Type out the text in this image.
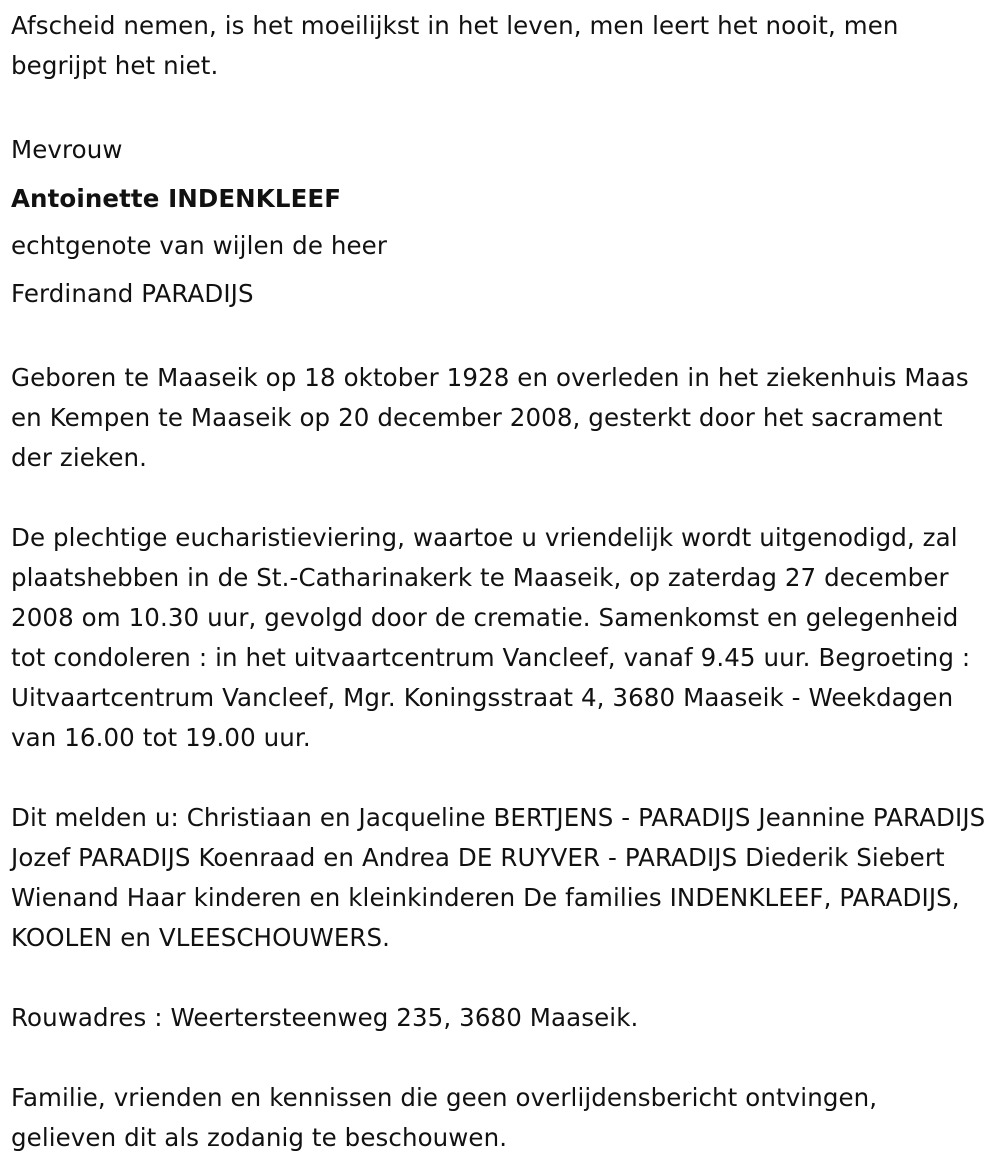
Afscheid nemen, is het moeilijkst in het leven, men leert het nooit, men begrijpt het niet.

Mevrouw

Antoinette INDENKLEEF

echtgenote van wijlen de heer

Ferdinand PARADIJS

Geboren te Maaseik op 18 oktober 1928 en overleden in het ziekenhuis Maas en Kempen te Maaseik op 20 december 2008, gesterkt door het sacrament der zieken.

De plechtige eucharistieviering, waartoe u vriendelijk wordt uitgenodigd, zal plaatshebben in de St.-Catharinakerk te Maaseik, op zaterdag 27 december 2008 om 10.30 uur, gevolgd door de crematie. Samenkomst en gelegenheid tot condoleren : in het uitvaartcentrum Vancleef, vanaf 9.45 uur. Begroeting : Uitvaartcentrum Vancleef, Mgr. Koningsstraat 4, 3680 Maaseik - Weekdagen van 16.00 tot 19.00 uur.

Dit melden u: Christiaan en Jacqueline BERTJENS - PARADIJS Jeannine PARADIJS Jozef PARADIJS Koenraad en Andrea DE RUYVER - PARADIJS Diederik Siebert Wienand Haar kinderen en kleinkinderen De families INDENKLEEF, PARADIJS, KOOLEN en VLEESCHOUWERS.

Rouwadres : Weertersteenweg 235, 3680 Maaseik.

Familie, vrienden en kennissen die geen overlijdensbericht ontvingen, gelieven dit als zodanig te beschouwen.
